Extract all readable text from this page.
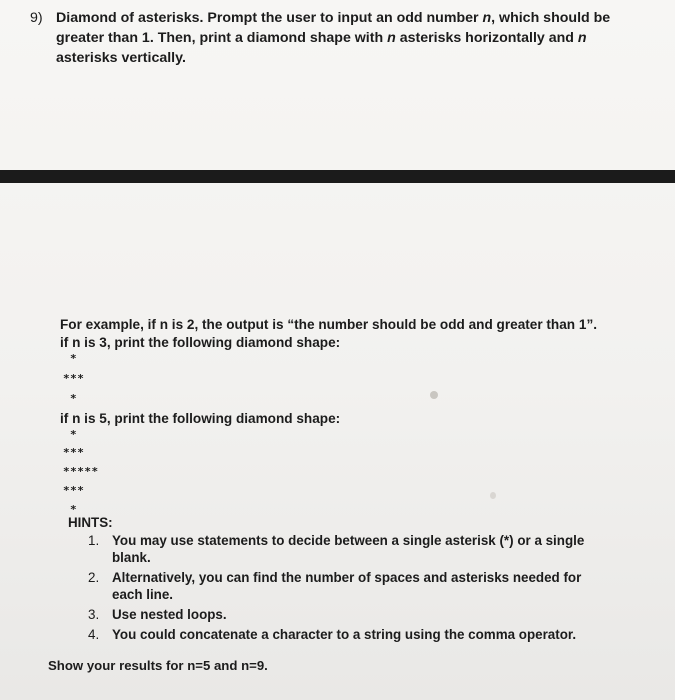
9) Diamond of asterisks. Prompt the user to input an odd number n, which should be greater than 1. Then, print a diamond shape with n asterisks horizontally and n asterisks vertically.
For example, if n is 2, the output is “the number should be odd and greater than 1”.
if n is 3, print the following diamond shape:
*
***
*
if n is 5, print the following diamond shape:
*
***
*****
***
*
HINTS:
1. You may use statements to decide between a single asterisk (*) or a single blank.
2. Alternatively, you can find the number of spaces and asterisks needed for each line.
3. Use nested loops.
4. You could concatenate a character to a string using the comma operator.
Show your results for n=5 and n=9.
